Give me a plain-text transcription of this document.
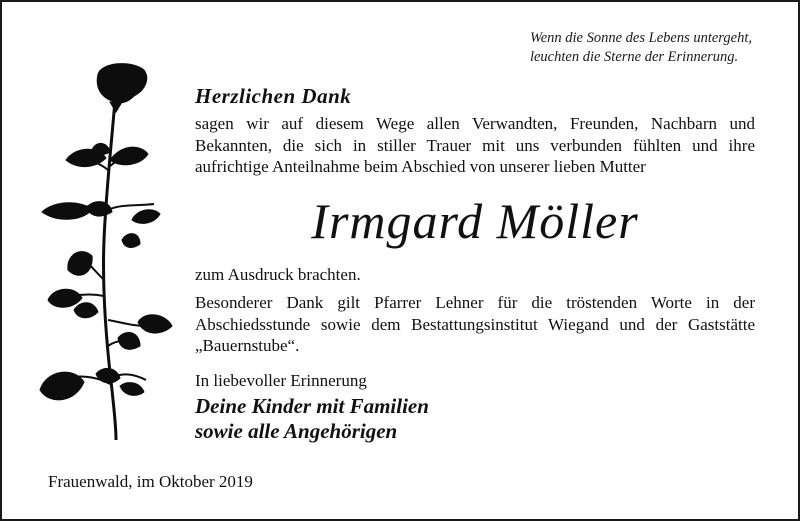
Wenn die Sonne des Lebens untergeht,
leuchten die Sterne der Erinnerung.
Herzlichen Dank
sagen wir auf diesem Wege allen Verwandten, Freunden, Nachbarn und Bekannten, die sich in stiller Trauer mit uns verbunden fühlten und ihre aufrichtige Anteilnahme beim Abschied von unserer lieben Mutter
Irmgard Möller
zum Ausdruck brachten.
Besonderer Dank gilt Pfarrer Lehner für die tröstenden Worte in der Abschiedsstunde sowie dem Bestattungsinstitut Wiegand und der Gaststätte „Bauernstube“.
In liebevoller Erinnerung
Deine Kinder mit Familien
sowie alle Angehörigen
Frauenwald, im Oktober 2019
